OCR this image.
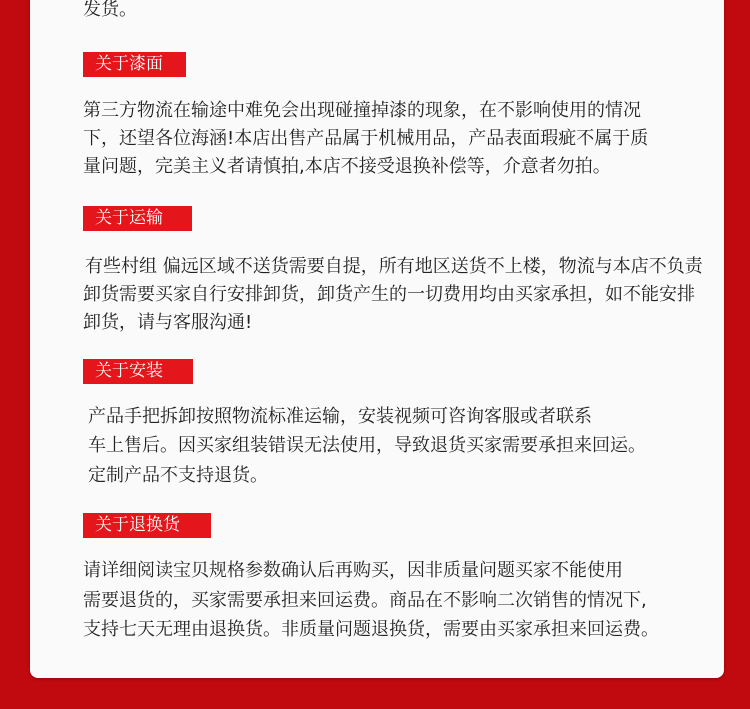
发货。
关于漆面
第三方物流在输途中难免会出现碰撞掉漆的现象，在不影响使用的情况
下，还望各位海涵!本店出售产品属于机械用品，产品表面瑕疵不属于质
量问题，完美主义者请慎拍,本店不接受退换补偿等，介意者勿拍。
关于运输
有些村组 偏远区域不送货需要自提，所有地区送货不上楼，物流与本店不负责
卸货需要买家自行安排卸货，卸货产生的一切费用均由买家承担，如不能安排
卸货，请与客服沟通!
关于安装
产品手把拆卸按照物流标准运输，安装视频可咨询客服或者联系
车上售后。因买家组装错误无法使用，导致退货买家需要承担来回运。
定制产品不支持退货。
关于退换货
请详细阅读宝贝规格参数确认后再购买，因非质量问题买家不能使用
需要退货的，买家需要承担来回运费。商品在不影响二次销售的情况下,
支持七天无理由退换货。非质量问题退换货，需要由买家承担来回运费。
